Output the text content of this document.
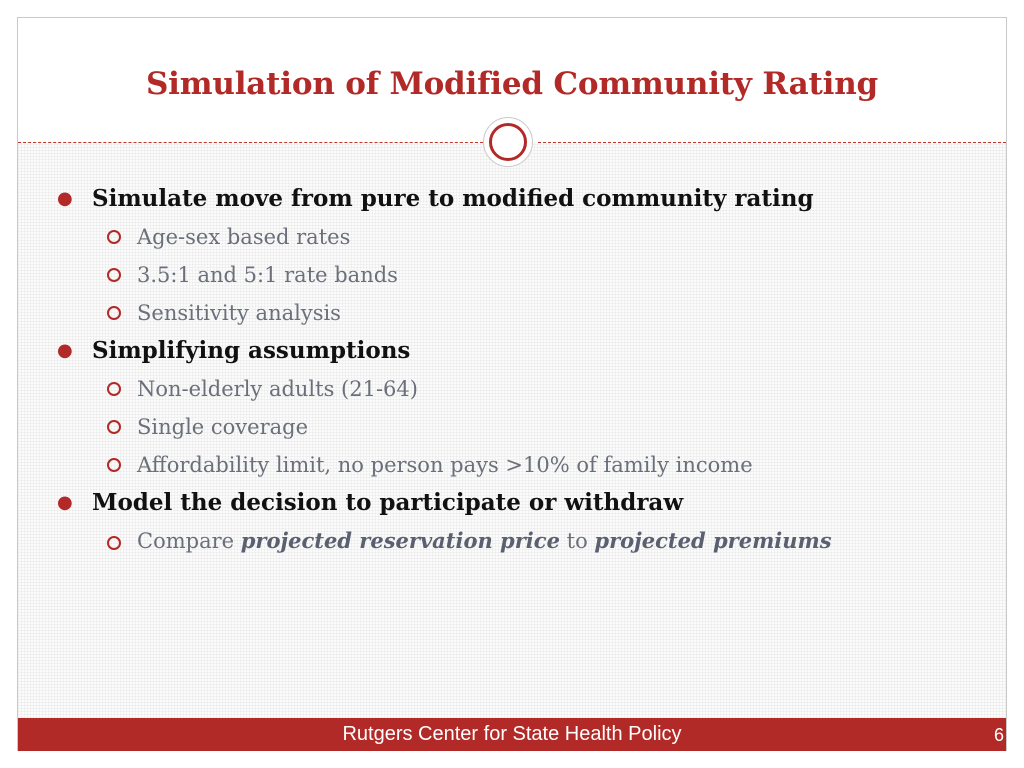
Simulation of Modified Community Rating

● Simulate move from pure to modified community rating

Age-sex based rates

3.5:1 and 5:1 rate bands

Sensitivity analysis

● Simplifying assumptions

Non-elderly adults (21-64)

Single coverage

Affordability limit, no person pays >10% of family income

● Model the decision to participate or withdraw

Compare projected reservation price to projected premiums

Rutgers Center for State Health Policy	6
